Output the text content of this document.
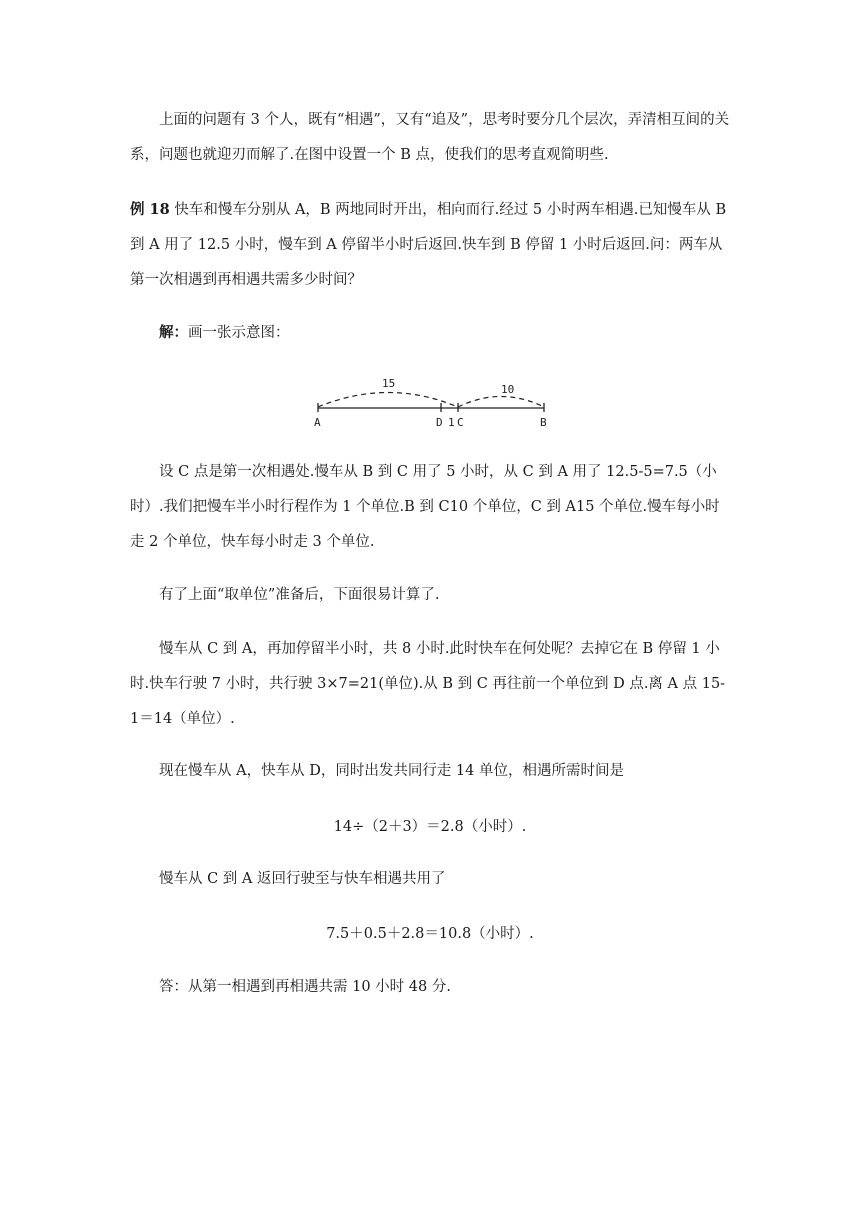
上面的问题有 3 个人，既有“相遇”，又有“追及”，思考时要分几个层次，弄清相互间的关系，问题也就迎刃而解了.在图中设置一个 B 点，使我们的思考直观简明些.

例 18 快车和慢车分别从 A，B 两地同时开出，相向而行.经过 5 小时两车相遇.已知慢车从 B 到 A 用了 12.5 小时，慢车到 A 停留半小时后返回.快车到 B 停留 1 小时后返回.问：两车从第一次相遇到再相遇共需多少时间？

解：画一张示意图：

15	10
A	D 1 C	B

设 C 点是第一次相遇处.慢车从 B 到 C 用了 5 小时，从 C 到 A 用了 12.5-5=7.5（小时）.我们把慢车半小时行程作为 1 个单位.B 到 C10 个单位，C 到 A15 个单位.慢车每小时走 2 个单位，快车每小时走 3 个单位.

有了上面“取单位”准备后，下面很易计算了.

慢车从 C 到 A，再加停留半小时，共 8 小时.此时快车在何处呢？去掉它在 B 停留 1 小时.快车行驶 7 小时，共行驶 3×7=21(单位).从 B 到 C 再往前一个单位到 D 点.离 A 点 15-1＝14（单位）.

现在慢车从 A，快车从 D，同时出发共同行走 14 单位，相遇所需时间是

14÷（2＋3）＝2.8（小时）.

慢车从 C 到 A 返回行驶至与快车相遇共用了

7.5＋0.5＋2.8＝10.8（小时）.

答：从第一相遇到再相遇共需 10 小时 48 分.
